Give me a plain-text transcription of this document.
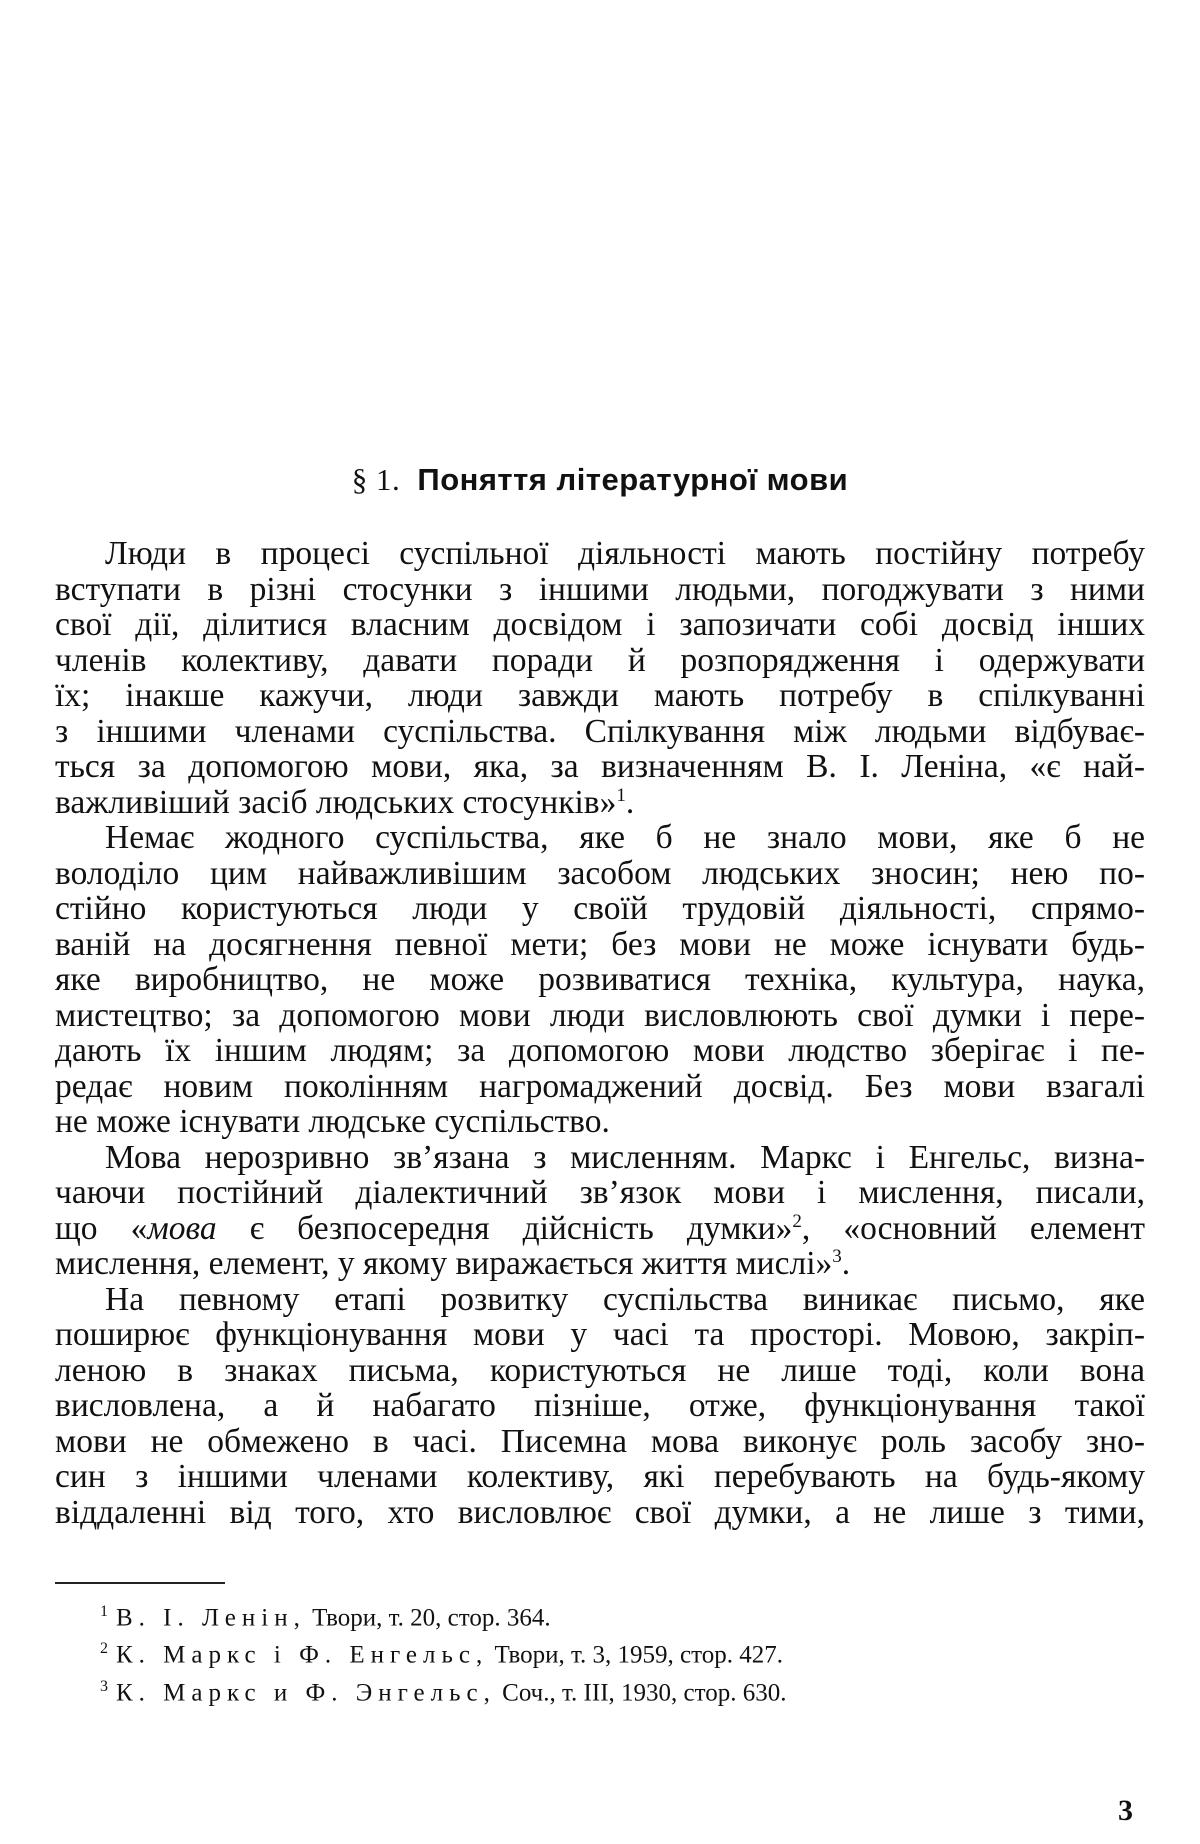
§ 1. Поняття літературної мови

Люди в процесі суспільної діяльності мають постійну потребу
вступати в різні стосунки з іншими людьми, погоджувати з ними
свої дії, ділитися власним досвідом і запозичати собі досвід інших
членів колективу, давати поради й розпорядження і одержувати
їх; інакше кажучи, люди завжди мають потребу в спілкуванні
з іншими членами суспільства. Спілкування між людьми відбуває-
ться за допомогою мови, яка, за визначенням В. І. Леніна, «є най-
важливіший засіб людських стосунків»$^1$.

Немає жодного суспільства, яке б не знало мови, яке б не
володіло цим найважливішим засобом людських зносин; нею по-
стійно користуються люди у своїй трудовій діяльності, спрямо-
ваній на досягнення певної мети; без мови не може існувати будь-
яке виробництво, не може розвиватися техніка, культура, наука,
мистецтво; за допомогою мови люди висловлюють свої думки і пере-
дають їх іншим людям; за допомогою мови людство зберігає і пе-
редає новим поколінням нагромаджений досвід. Без мови взагалі
не може існувати людське суспільство.

Мова нерозривно зв’язана з мисленням. Маркс і Енгельс, визна-
чаючи постійний діалектичний зв’язок мови і мислення, писали,
що «мова є безпосередня дійсність думки»$^2$, «основний елемент
мислення, елемент, у якому виражається життя мислі»$^3$.

На певному етапі розвитку суспільства виникає письмо, яке
поширює функціонування мови у часі та просторі. Мовою, закріп-
леною в знаках письма, користуються не лише тоді, коли вона
висловлена, а й набагато пізніше, отже, функціонування такої
мови не обмежено в часі. Писемна мова виконує роль засобу зно-
син з іншими членами колективу, які перебувають на будь-якому
віддаленні від того, хто висловлює свої думки, а не лише з тими,

$^1$ В. І. Ленін, Твори, т. 20, стор. 364.
$^2$ К. Маркс і Ф. Енгельс, Твори, т. 3, 1959, стор. 427.
$^3$ К. Маркс и Ф. Энгельс, Соч., т. III, 1930, стор. 630.
3
